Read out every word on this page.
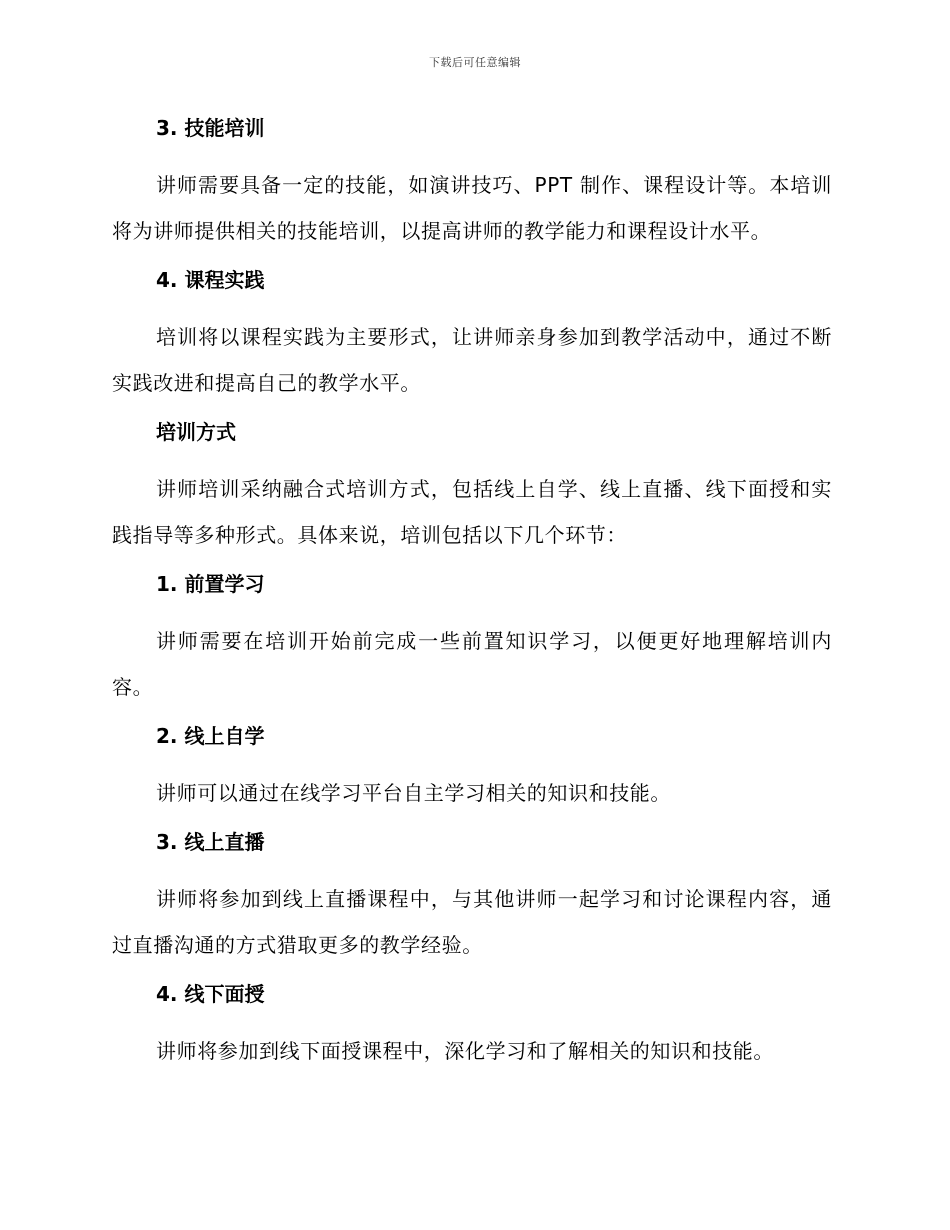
下载后可任意编辑
3. 技能培训

讲师需要具备一定的技能，如演讲技巧、PPT 制作、课程设计等。本培训将为讲师提供相关的技能培训，以提高讲师的教学能力和课程设计水平。

4. 课程实践

培训将以课程实践为主要形式，让讲师亲身参加到教学活动中，通过不断实践改进和提高自己的教学水平。

培训方式

讲师培训采纳融合式培训方式，包括线上自学、线上直播、线下面授和实践指导等多种形式。具体来说，培训包括以下几个环节：

1. 前置学习

讲师需要在培训开始前完成一些前置知识学习，以便更好地理解培训内容。

2. 线上自学

讲师可以通过在线学习平台自主学习相关的知识和技能。

3. 线上直播

讲师将参加到线上直播课程中，与其他讲师一起学习和讨论课程内容，通过直播沟通的方式猎取更多的教学经验。

4. 线下面授

讲师将参加到线下面授课程中，深化学习和了解相关的知识和技能。
